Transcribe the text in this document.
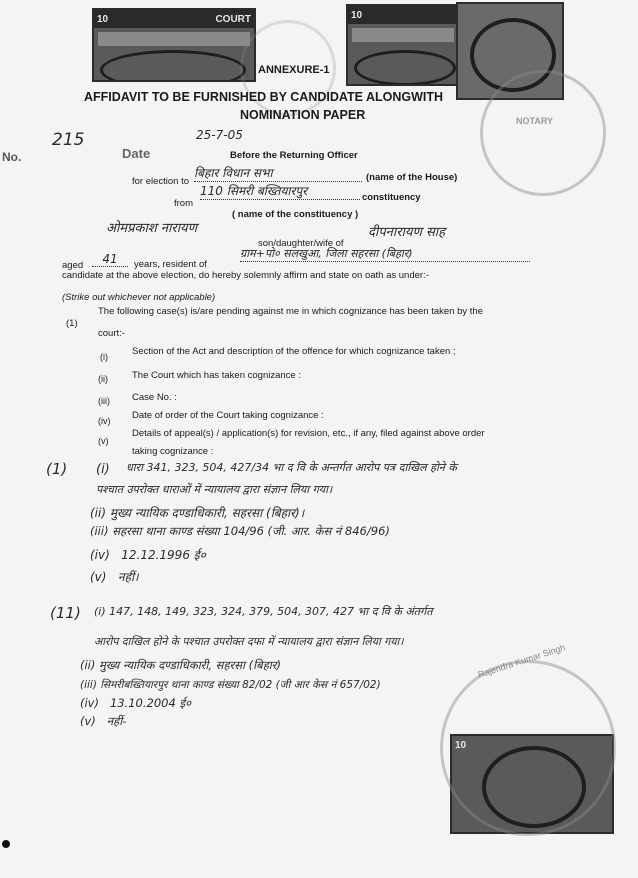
10	COURT	10
10
ANNEXURE-1
AFFIDAVIT TO BE FURNISHED BY CANDIDATE ALONGWITH
NOMINATION PAPER
No.
215
Date
25-7-05
NOTARY
Rajendra Kumar Singh
Before the Returning Officer
for election to
बिहार विधान सभा	(name of the House)
from
110 सिमरी बख्तियारपुर	constituency
( name of the constituency )
ओमप्रकाश नारायण
son/daughter/wife of
दीपनारायण साह
aged	41	years, resident of
ग्राम+पो० सलखुआ, जिला सहरसा (बिहार)
candidate at the above election, do hereby solemnly affirm and state on oath as under:-
(Strike out whichever not applicable)
(1)
The following case(s) is/are pending against me in which cognizance has been taken by the
court:-
(i)	Section of the Act and description of the offence for which cognizance taken ;
(ii)	The Court which has taken cognizance :
(iii) Case No. :
(iv) Date of order of the Court taking cognizance :
(v)
Details of appeal(s) / application(s) for revision, etc., if any, filed against above order
taking cognizance :
(1) (i) धारा 341, 323, 504, 427/34 भा द वि के अन्तर्गत आरोप पत्र दाखिल होने के
पश्चात उपरोक्त धाराओं में न्यायालय द्वारा संज्ञान लिया गया।
(ii) मुख्य न्यायिक दण्डाधिकारी, सहरसा (बिहार)।
(iii) सहरसा थाना काण्ड संख्या 104/96 (जी. आर. केस नं 846/96)
(iv)   12.12.1996 ई०
(v)   नहीं।
(11) (i) 147, 148, 149, 323, 324, 379, 504, 307, 427 भा द वि के अंतर्गत
आरोप दाखिल होने के पश्चात उपरोक्त दफा में न्यायालय द्वारा संज्ञान लिया गया।
(ii) मुख्य न्यायिक दण्डाधिकारी, सहरसा (बिहार)
(iii) सिमरीबख्तियारपुर थाना काण्ड संख्या 82/02 (जी आर केस नं 657/02)
(iv)   13.10.2004 ई०
(v)   नहीं-
